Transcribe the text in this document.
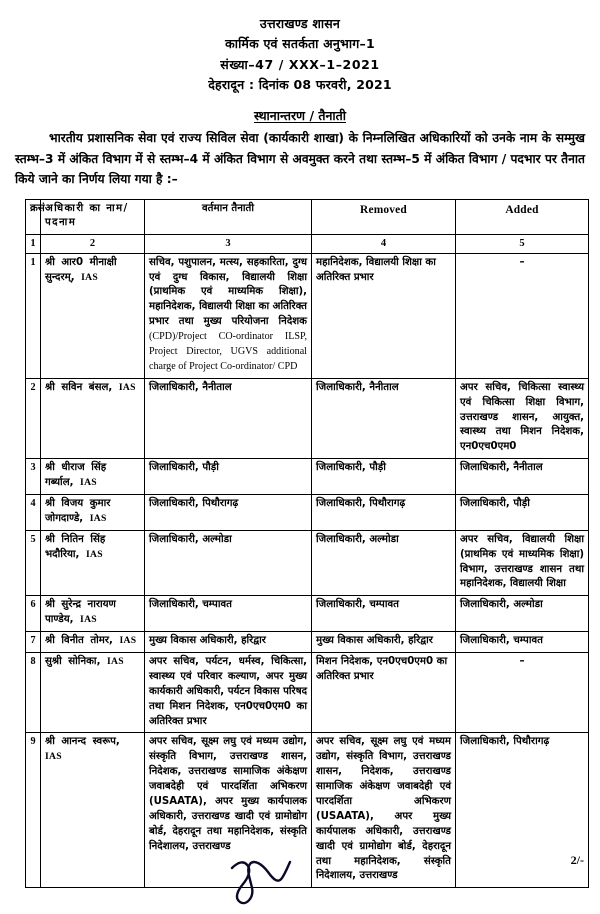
उत्तराखण्ड शासन
कार्मिक एवं सतर्कता अनुभाग–1
संख्या–47 / XXX–1–2021
देहरादून : दिनांक 08 फरवरी, 2021
स्थानान्तरण / तैनाती

भारतीय प्रशासनिक सेवा एवं राज्य सिविल सेवा (कार्यकारी शाखा) के निम्नलिखित अधिकारियों को उनके नाम के सम्मुख स्तम्भ–3 में अंकित विभाग में से स्तम्भ–4 में अंकित विभाग से अवमुक्त करने तथा स्तम्भ–5 में अंकित विभाग / पदभार पर तैनात किये जाने का निर्णय लिया गया है :–

क्रसं	अधिकारी का नाम/ पदनाम	वर्तमान तैनाती	Removed	Added
1	2	3	4	5
1	श्री आर0 मीनाक्षी सुन्दरम्, IAS	सचिव, पशुपालन, मत्स्य, सहकारिता, दुग्ध एवं दुग्ध विकास, विद्यालयी शिक्षा (प्राथमिक एवं माध्यमिक शिक्षा), महानिदेशक, विद्यालयी शिक्षा का अतिरिक्त प्रभार तथा मुख्य परियोजना निदेशक (CPD)/Project CO-ordinator ILSP, Project Director, UGVS additional charge of Project Co-ordinator/ CPD	महानिदेशक, विद्यालयी शिक्षा का अतिरिक्त प्रभार	–
2	श्री सविन बंसल, IAS	जिलाधिकारी, नैनीताल	जिलाधिकारी, नैनीताल	अपर सचिव, चिकित्सा स्वास्थ्य एवं चिकित्सा शिक्षा विभाग, उत्तराखण्ड शासन, आयुक्त, स्वास्थ्य तथा मिशन निदेशक, एन0एच0एम0
3	श्री धीराज सिंह गर्ब्याल, IAS	जिलाधिकारी, पौड़ी	जिलाधिकारी, पौड़ी	जिलाधिकारी, नैनीताल
4	श्री विजय कुमार जोगदाण्डे, IAS	जिलाधिकारी, पिथौरागढ़	जिलाधिकारी, पिथौरागढ़	जिलाधिकारी, पौड़ी
5	श्री नितिन सिंह भदौरिया, IAS	जिलाधिकारी, अल्मोडा	जिलाधिकारी, अल्मोडा	अपर सचिव, विद्यालयी शिक्षा (प्राथमिक एवं माध्यमिक शिक्षा) विभाग, उत्तराखण्ड शासन तथा महानिदेशक, विद्यालयी शिक्षा
6	श्री सुरेन्द्र नारायण पाण्डेय, IAS	जिलाधिकारी, चम्पावत	जिलाधिकारी, चम्पावत	जिलाधिकारी, अल्मोडा
7	श्री विनीत तोमर, IAS	मुख्य विकास अधिकारी, हरिद्वार	मुख्य विकास अधिकारी, हरिद्वार	जिलाधिकारी, चम्पावत
8	सुश्री सोनिका, IAS	अपर सचिव, पर्यटन, धर्मस्व, चिकित्सा, स्वास्थ्य एवं परिवार कल्याण, अपर मुख्य कार्यकारी अधिकारी, पर्यटन विकास परिषद तथा मिशन निदेशक, एन0एच0एम0 का अतिरिक्त प्रभार	मिशन निदेशक, एन0एच0एम0 का अतिरिक्त प्रभार	–
9	श्री आनन्द स्वरूप, IAS	अपर सचिव, सूक्ष्म लघु एवं मध्यम उद्योग, संस्कृति विभाग, उत्तराखण्ड शासन, निदेशक, उत्तराखण्ड सामाजिक अंकेक्षण जवाबदेही एवं पारदर्शिता अभिकरण (USAATA), अपर मुख्य कार्यपालक अधिकारी, उत्तराखण्ड खादी एवं ग्रामोद्योग बोर्ड, देहरादून तथा महानिदेशक, संस्कृति निदेशालय, उत्तराखण्ड	अपर सचिव, सूक्ष्म लघु एवं मध्यम उद्योग, संस्कृति विभाग, उत्तराखण्ड शासन, निदेशक, उत्तराखण्ड सामाजिक अंकेक्षण जवाबदेही एवं पारदर्शिता अभिकरण (USAATA), अपर मुख्य कार्यपालक अधिकारी, उत्तराखण्ड खादी एवं ग्रामोद्योग बोर्ड, देहरादून तथा महानिदेशक, संस्कृति निदेशालय, उत्तराखण्ड	जिलाधिकारी, पिथौरागढ़
2/-
